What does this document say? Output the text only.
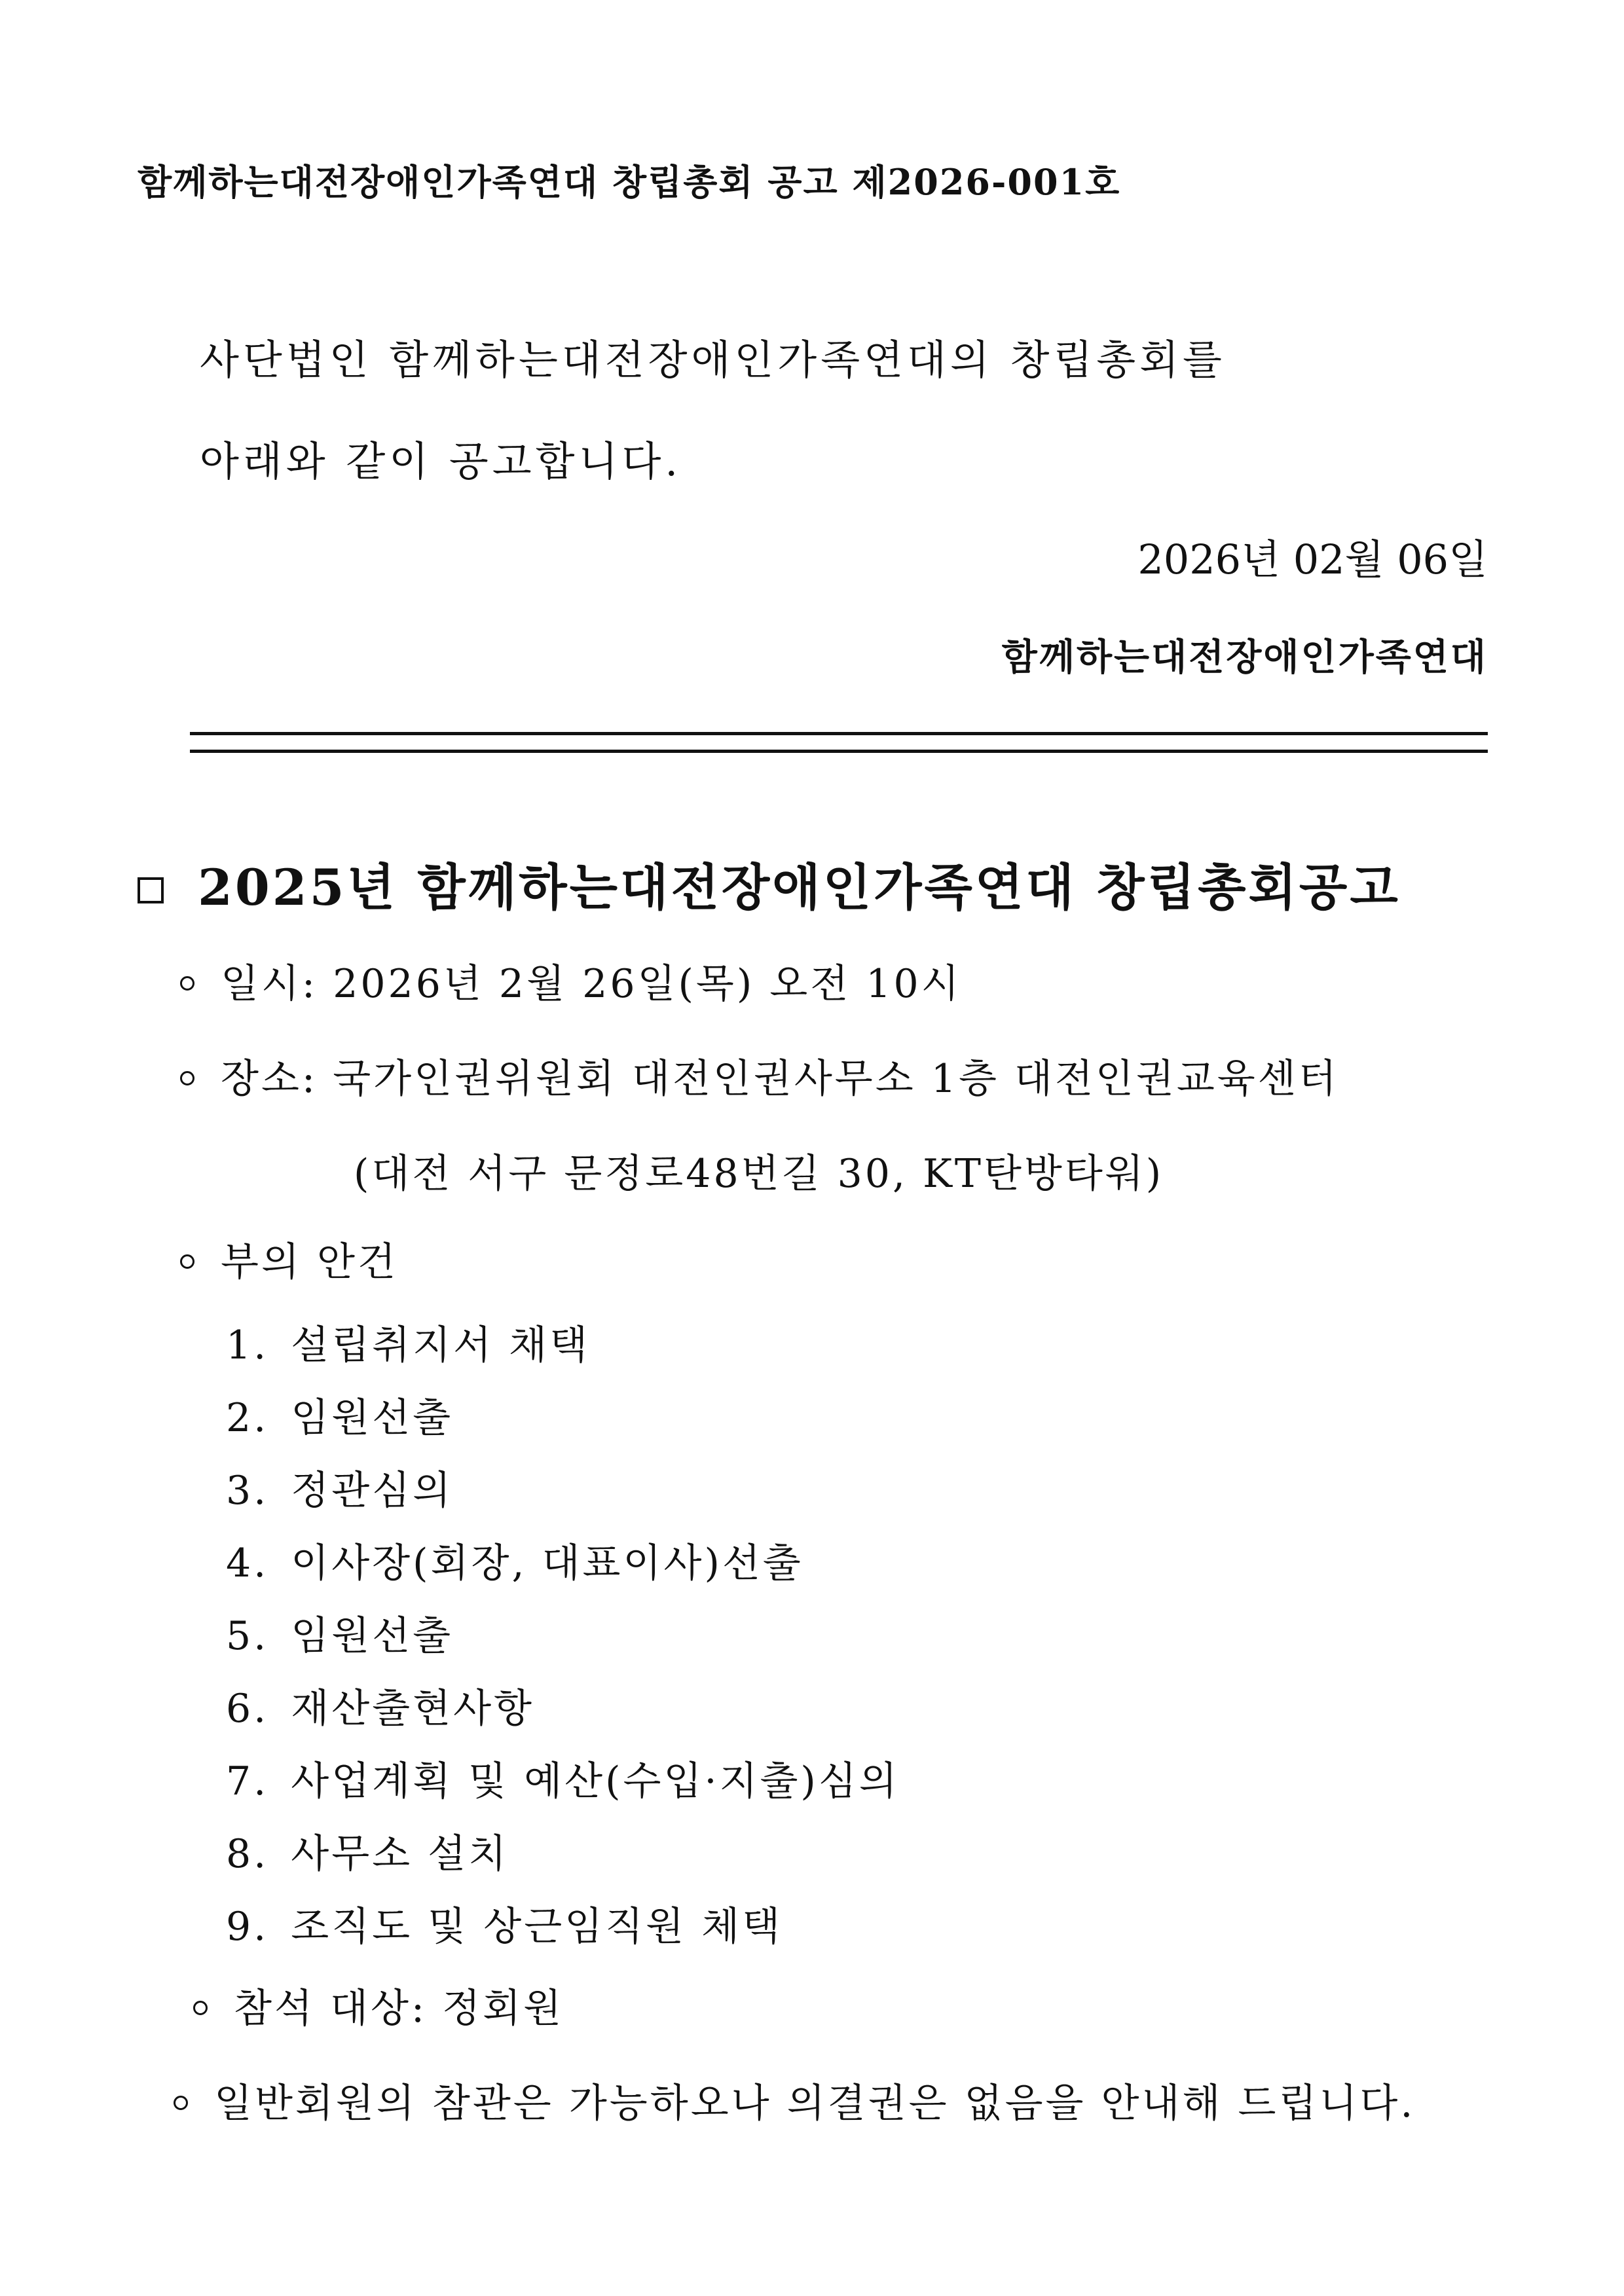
함께하는대전장애인가족연대 창립총회 공고 제2026-001호
사단법인 함께하는대전장애인가족연대의 창립총회를
아래와 같이 공고합니다.
2026년 02월 06일
함께하는대전장애인가족연대
2025년 함께하는대전장애인가족연대 창립총회공고
일시: 2026년 2월 26일(목) 오전 10시
장소: 국가인권위원회 대전인권사무소 1층 대전인권교육센터
(대전 서구 문정로48번길 30, KT탄방타워)
부의 안건
1. 설립취지서 채택
2. 임원선출
3. 정관심의
4. 이사장(회장, 대표이사)선출
5. 임원선출
6. 재산출현사항
7. 사업계획 및 예산(수입·지출)심의
8. 사무소 설치
9. 조직도 및 상근임직원 체택
참석 대상: 정회원
일반회원의 참관은 가능하오나 의결권은 없음을 안내해 드립니다.
